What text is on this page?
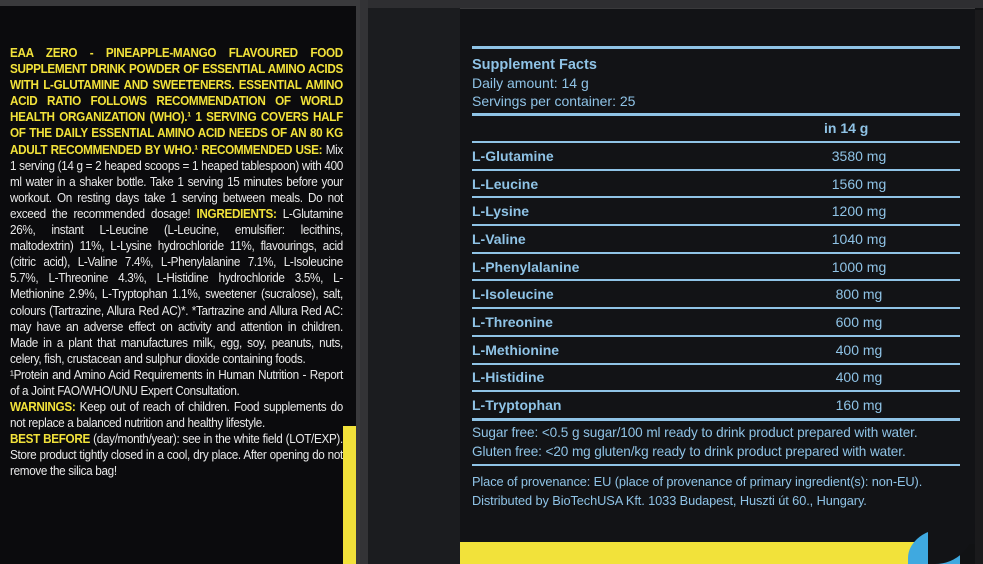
EAA ZERO - PINEAPPLE-MANGO FLAVOURED FOOD SUPPLEMENT DRINK POWDER OF ESSENTIAL AMINO ACIDS WITH L-GLUTAMINE AND SWEETENERS. ESSENTIAL AMINO ACID RATIO FOLLOWS RECOMMENDATION OF WORLD HEALTH ORGANIZATION (WHO).¹ 1 SERVING COVERS HALF OF THE DAILY ESSENTIAL AMINO ACID NEEDS OF AN 80 KG ADULT RECOMMENDED BY WHO.¹ RECOMMENDED USE: Mix 1 serving (14 g = 2 heaped scoops = 1 heaped tablespoon) with 400 ml water in a shaker bottle. Take 1 serving 15 minutes before your workout. On resting days take 1 serving between meals. Do not exceed the recommended dosage! INGREDIENTS: L-Glutamine 26%, instant L-Leucine (L-Leucine, emulsifier: lecithins, maltodextrin) 11%, L-Lysine hydrochloride 11%, flavourings, acid (citric acid), L-Valine 7.4%, L-Phenylalanine 7.1%, L-Isoleucine 5.7%, L-Threonine 4.3%, L-Histidine hydrochloride 3.5%, L-Methionine 2.9%, L-Tryptophan 1.1%, sweetener (sucralose), salt, colours (Tartrazine, Allura Red AC)*. *Tartrazine and Allura Red AC: may have an adverse effect on activity and attention in children. Made in a plant that manufactures milk, egg, soy, peanuts, nuts, celery, fish, crustacean and sulphur dioxide containing foods.

¹Protein and Amino Acid Requirements in Human Nutrition - Report of a Joint FAO/WHO/UNU Expert Consultation.

WARNINGS: Keep out of reach of children. Food supplements do not replace a balanced nutrition and healthy lifestyle.

BEST BEFORE (day/month/year): see in the white field (LOT/EXP). Store product tightly closed in a cool, dry place. After opening do not remove the silica bag!

Supplement Facts
Daily amount: 14 g
Servings per container: 25
in 14 g
L-Glutamine	3580 mg
L-Leucine	1560 mg
L-Lysine	1200 mg
L-Valine	1040 mg
L-Phenylalanine	1000 mg
L-Isoleucine	800 mg
L-Threonine	600 mg
L-Methionine	400 mg
L-Histidine	400 mg
L-Tryptophan	160 mg
Sugar free: <0.5 g sugar/100 ml ready to drink product prepared with water.
Gluten free: <20 mg gluten/kg ready to drink product prepared with water.
Place of provenance: EU (place of provenance of primary ingredient(s): non-EU).
Distributed by BioTechUSA Kft. 1033 Budapest, Huszti út 60., Hungary.
